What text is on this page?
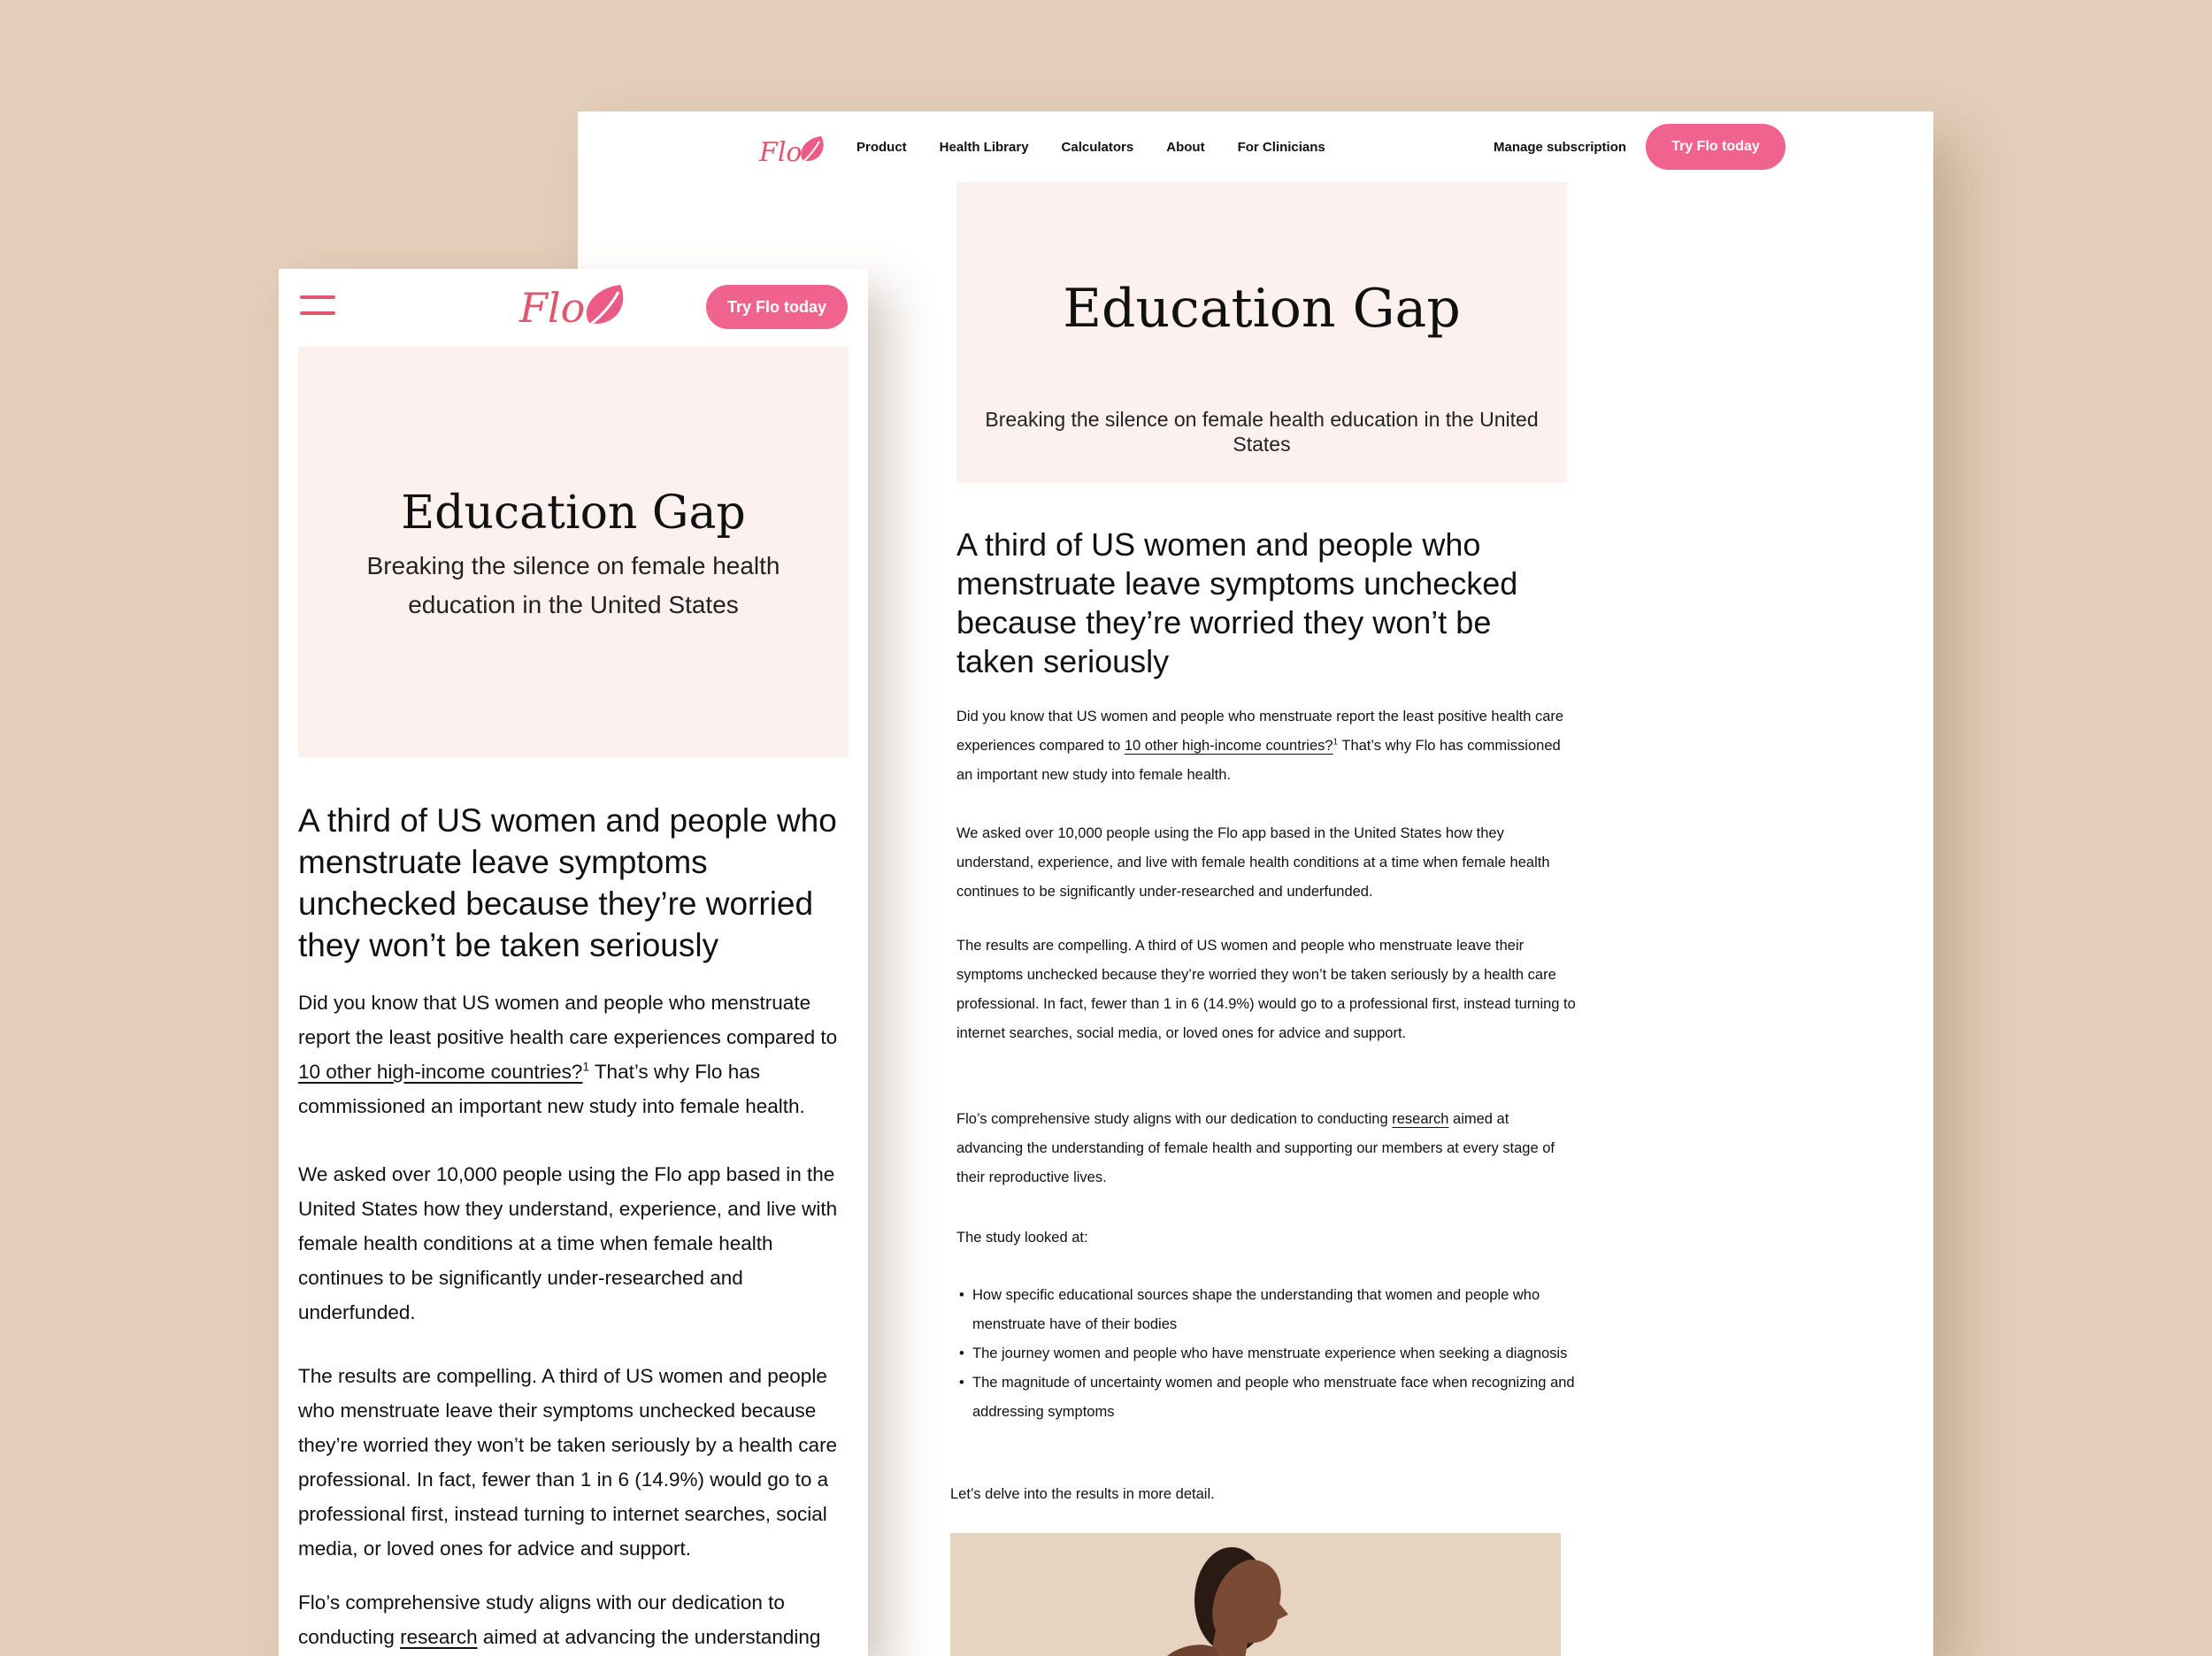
Flo	Product Health Library Calculators About For Clinicians	Manage subscription	Try Flo today
Education Gap

Breaking the silence on female health education in the United States

A third of US women and people who menstruate leave symptoms unchecked because they’re worried they won’t be taken seriously

Did you know that US women and people who menstruate report the least positive health care experiences compared to 10 other high-income countries?$^1$ That’s why Flo has commissioned an important new study into female health.

We asked over 10,000 people using the Flo app based in the United States how they understand, experience, and live with female health conditions at a time when female health continues to be significantly under-researched and underfunded.

The results are compelling. A third of US women and people who menstruate leave their symptoms unchecked because they’re worried they won’t be taken seriously by a health care professional. In fact, fewer than 1 in 6 (14.9%) would go to a professional first, instead turning to internet searches, social media, or loved ones for advice and support.

Flo’s comprehensive study aligns with our dedication to conducting research aimed at advancing the understanding of female health and supporting our members at every stage of their reproductive lives.

The study looked at:

• How specific educational sources shape the understanding that women and people who menstruate have of their bodies
• The journey women and people who have menstruate experience when seeking a diagnosis
• The magnitude of uncertainty women and people who menstruate face when recognizing and addressing symptoms

Let’s delve into the results in more detail.

Flo	Try Flo today
Education Gap

Breaking the silence on female health education in the United States

A third of US women and people who menstruate leave symptoms unchecked because they’re worried they won’t be taken seriously

Did you know that US women and people who menstruate report the least positive health care experiences compared to 10 other high-income countries?$^1$ That’s why Flo has commissioned an important new study into female health.

We asked over 10,000 people using the Flo app based in the United States how they understand, experience, and live with female health conditions at a time when female health continues to be significantly under-researched and underfunded.

The results are compelling. A third of US women and people who menstruate leave their symptoms unchecked because they’re worried they won’t be taken seriously by a health care professional. In fact, fewer than 1 in 6 (14.9%) would go to a professional first, instead turning to internet searches, social media, or loved ones for advice and support.

Flo’s comprehensive study aligns with our dedication to conducting research aimed at advancing the understanding
